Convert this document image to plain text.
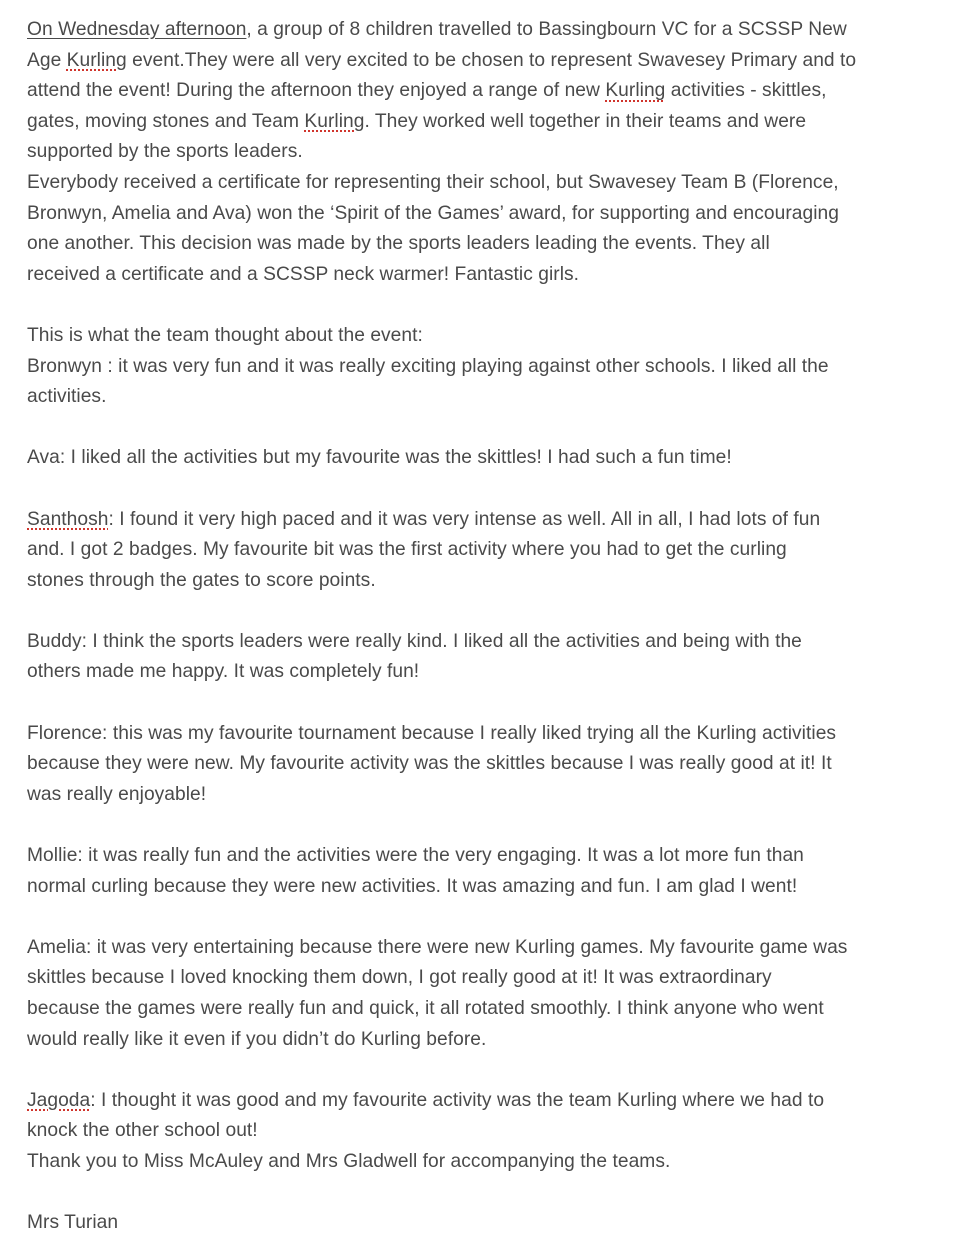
On Wednesday afternoon, a group of 8 children travelled to Bassingbourn VC for a SCSSP New
Age Kurling event.They were all very excited to be chosen to represent Swavesey Primary and to
attend the event! During the afternoon they enjoyed a range of new Kurling activities - skittles,
gates, moving stones and Team Kurling. They worked well together in their teams and were
supported by the sports leaders.
Everybody received a certificate for representing their school, but Swavesey Team B (Florence,
Bronwyn, Amelia and Ava) won the ‘Spirit of the Games’ award, for supporting and encouraging
one another. This decision was made by the sports leaders leading the events. They all
received a certificate and a SCSSP neck warmer! Fantastic girls.
This is what the team thought about the event:
Bronwyn : it was very fun and it was really exciting playing against other schools. I liked all the
activities.
Ava: I liked all the activities but my favourite was the skittles! I had such a fun time!
Santhosh: I found it very high paced and it was very intense as well. All in all, I had lots of fun
and. I got 2 badges. My favourite bit was the first activity where you had to get the curling
stones through the gates to score points.
Buddy: I think the sports leaders were really kind. I liked all the activities and being with the
others made me happy. It was completely fun!
Florence: this was my favourite tournament because I really liked trying all the Kurling activities
because they were new. My favourite activity was the skittles because I was really good at it! It
was really enjoyable!
Mollie: it was really fun and the activities were the very engaging. It was a lot more fun than
normal curling because they were new activities. It was amazing and fun. I am glad I went!
Amelia: it was very entertaining because there were new Kurling games. My favourite game was
skittles because I loved knocking them down, I got really good at it! It was extraordinary
because the games were really fun and quick, it all rotated smoothly. I think anyone who went
would really like it even if you didn’t do Kurling before.
Jagoda: I thought it was good and my favourite activity was the team Kurling where we had to
knock the other school out!
Thank you to Miss McAuley and Mrs Gladwell for accompanying the teams.
Mrs Turian
